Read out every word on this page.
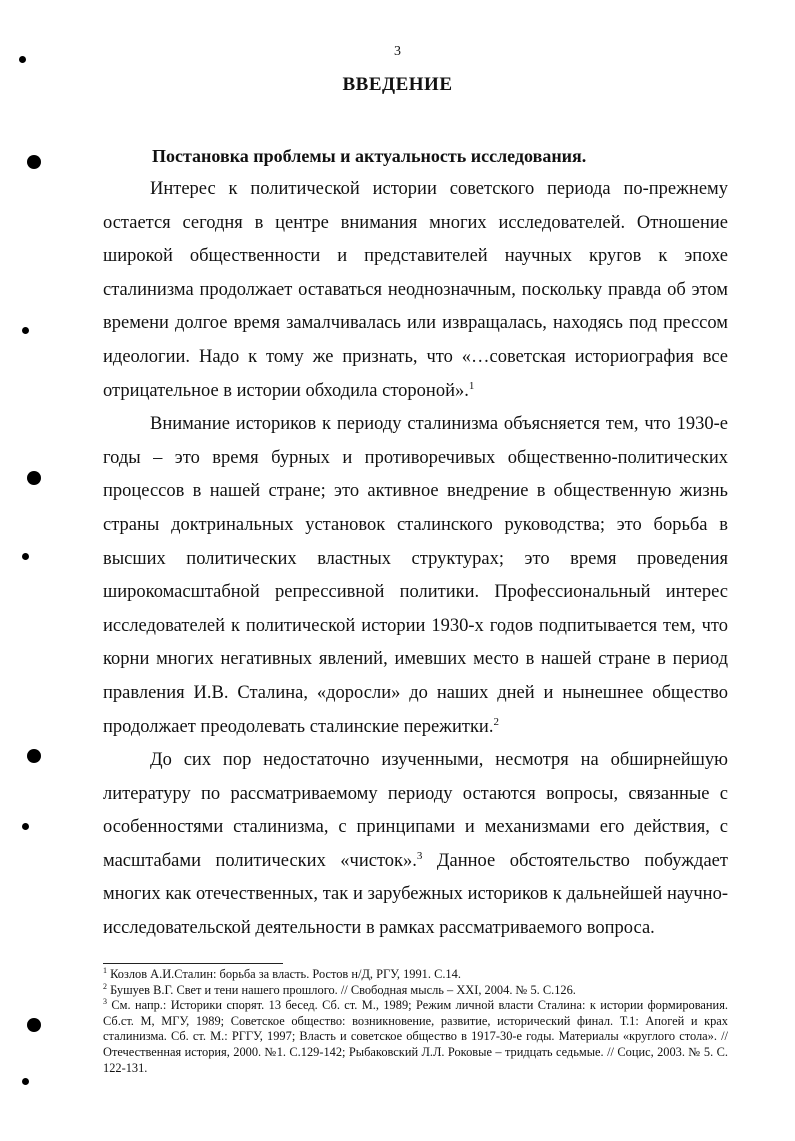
3
ВВЕДЕНИЕ
Постановка проблемы и актуальность исследования.

Интерес к политической истории советского периода по-прежнему остается сегодня в центре внимания многих исследователей. Отношение широкой общественности и представителей научных кругов к эпохе сталинизма продолжает оставаться неоднозначным, поскольку правда об этом времени долгое время замалчивалась или извращалась, находясь под прессом идеологии. Надо к тому же признать, что «…советская историография все отрицательное в истории обходила стороной».$^1$

Внимание историков к периоду сталинизма объясняется тем, что 1930-е годы – это время бурных и противоречивых общественно-политических процессов в нашей стране; это активное внедрение в общественную жизнь страны доктринальных установок сталинского руководства; это борьба в высших политических властных структурах; это время проведения широкомасштабной репрессивной политики. Профессиональный интерес исследователей к политической истории 1930-х годов подпитывается тем, что корни многих негативных явлений, имевших место в нашей стране в период правления И.В. Сталина, «доросли» до наших дней и нынешнее общество продолжает преодолевать сталинские пережитки.$^2$

До сих пор недостаточно изученными, несмотря на обширнейшую литературу по рассматриваемому периоду остаются вопросы, связанные с особенностями сталинизма, с принципами и механизмами его действия, с масштабами политических «чисток».$^3$ Данное обстоятельство побуждает многих как отечественных, так и зарубежных историков к дальнейшей научно-исследовательской деятельности в рамках рассматриваемого вопроса.

$^1$ Козлов А.И.Сталин: борьба за власть. Ростов н/Д, РГУ, 1991. С.14.

$^2$ Бушуев В.Г. Свет и тени нашего прошлого. // Свободная мысль – XXI, 2004. № 5. С.126.

$^3$ См. напр.: Историки спорят. 13 бесед. Сб. ст. М., 1989; Режим личной власти Сталина: к истории формирования. Сб.ст. М, МГУ, 1989; Советское общество: возникновение, развитие, исторический финал. Т.1: Апогей и крах сталинизма. Сб. ст. М.: РГГУ, 1997; Власть и советское общество в 1917-30-е годы. Материалы «круглого стола». // Отечественная история, 2000. №1. С.129-142; Рыбаковский Л.Л. Роковые – тридцать седьмые. // Социс, 2003. № 5. С. 122-131.
